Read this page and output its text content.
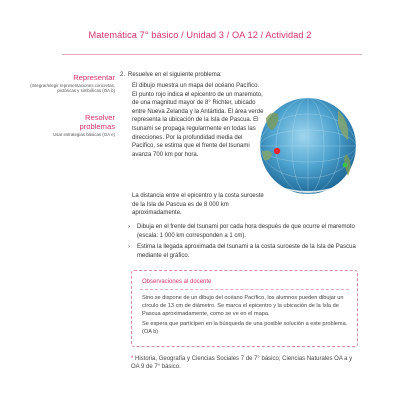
Matemática 7° básico / Unidad 3 / OA 12 / Actividad 2
Representar
(Integrar/elegir representaciones concretas, pictóricas y simbólicas (OA b)
Resolver
problemas
Usar estrategias básicas (OA e)
2. Resuelve en el siguiente problema:
El dibujo muestra un mapa del océano Pacífico. El punto rojo indica el epicentro de un maremoto, de una magnitud mayor de 8° Richter, ubicado entre Nueva Zelanda y la Antártida. El área verde representa la ubicación de la Isla de Pascua. El tsunami se propaga regularmente en todas las direcciones. Por la profundidad media del Pacífico, se estima que el frente del tsunami avanza 700 km por hora.
La distancia entre el epicentro y la costa suroeste de la Isla de Pascua es de 8 000 km aproximadamente.
› Dibuja en el frente del tsunami por cada hora después de que ocurre el maremoto (escala: 1 000 km corresponden a 1 cm).
› Estima la llegada aproximada del tsunami a la costa suroeste de la Isla de Pascua mediante el gráfico.
Observaciones al docente
Sino se dispone de un dibujo del océano Pacífico, los alumnos pueden dibujar un círculo de 13 cm de diámetro. Se marca el epicentro y la ubicación de la Isla de Pascua aproximadamente, como se ve en el mapa.
Se espera que participen en la búsqueda de una posible solución a este problema. (OA b)
* Historia, Geografía y Ciencias Sociales 7 de 7° básico; Ciencias Naturales OA a y OA 9 de 7° básico.
